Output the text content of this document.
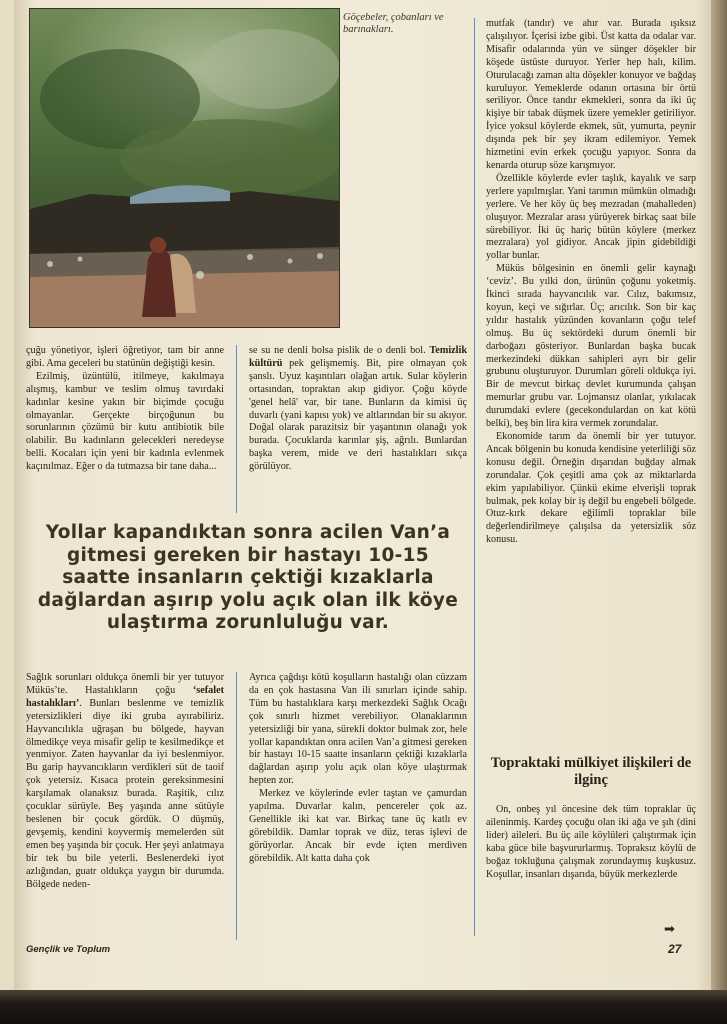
Göçebeler, çobanları ve barınakları.

çuğu yönetiyor, işleri öğretiyor, tam bir anne gibi. Ama geceleri bu statünün değiştiği kesin.

Ezilmiş, üzüntülü, itilmeye, kakılmaya alışmış, kambur ve teslim olmuş tavırdaki kadınlar kesine yakın bir biçimde çocuğu olmayanlar. Gerçekte birçoğunun bu sorunlarının çözümü bir kutu antibiotik bile olabilir. Bu kadınların gelecekleri neredeyse belli. Kocaları için yeni bir kadınla evlenmek kaçınılmaz. Eğer o da tutmazsa bir tane daha...

se su ne denli bolsa pislik de o denli bol. Temizlik kültürü pek gelişmemiş. Bit, pire olmayan çok şanslı. Uyuz kaşıntıları olağan artık. Sular köylerin ortasından, topraktan akıp gidiyor. Çoğu köyde 'genel helâ' var, bir tane. Bunların da kimisi üç duvarlı (yani kapısı yok) ve altlarından bir su akıyor. Doğal olarak parazitsiz bir yaşantının olanağı yok burada. Çocuklarda karınlar şiş, ağrılı. Bunlardan başka verem, mide ve deri hastalıkları sıkça görülüyor.

Yollar kapandıktan sonra acilen Van’a gitmesi gereken bir hastayı 10-15 saatte insanların çektiği kızaklarla dağlardan aşırıp yolu açık olan ilk köye ulaştırma zorunluluğu var.

Sağlık sorunları oldukça önemli bir yer tutuyor Müküs’te. Hastalıkların çoğu ‘sefalet hastalıkları’. Bunları beslenme ve temizlik yetersizlikleri diye iki gruba ayırabiliriz. Hayvancılıkla uğraşan bu bölgede, hayvan ölmedikçe veya misafir gelip te kesilmedikçe et yenmiyor. Zaten hayvanlar da iyi beslenmiyor. Bu garip hayvancıkların verdikleri süt de taoif çok yetersiz. Kısaca protein gereksinmesini karşılamak olanaksız burada. Raşitik, cılız çocuklar sürüyle. Beş yaşında anne sütüyle beslenen bir çocuk gördük. O düşmüş, gevşemiş, kendini koyvermiş memelerden süt emen beş yaşında bir çocuk. Her şeyi anlatmaya bir tek bu bile yeterli. Beslenerdeki iyot azlığından, guatr oldukça yaygın bir durumda. Bölgede neden-

Ayrıca çağdışı kötü koşulların hastalığı olan cüzzam da en çok hastasına Van ili sınırları içinde sahip. Tüm bu hastalıklara karşı merkezdeki Sağlık Ocağı çok sınırlı hizmet verebiliyor. Olanaklarının yetersizliği bir yana, sürekli doktor bulmak zor, hele yollar kapandıktan onra acilen Van’a gitmesi gereken bir hastayı 10-15 saatte insanların çektiği kızaklarla dağlardan aşırıp yolu açık olan köye ulaştırmak hepten zor.

Merkez ve köylerinde evler taştan ve çamurdan yapılma. Duvarlar kalın, pencereler çok az. Genellikle iki kat var. Birkaç tane üç katlı ev görebildik. Damlar toprak ve düz, teras işlevi de görüyorlar. Ancak bir evde içten merdiven görebildik. Alt katta daha çok

mutfak (tandır) ve ahır var. Burada ışıksız çalışılıyor. İçerisi izbe gibi. Üst katta da odalar var. Misafir odalarında yün ve sünger döşekler bir köşede üstüste duruyor. Yerler hep halı, kilim. Oturulacağı zaman alta döşekler konuyor ve bağdaş kuruluyor. Yemeklerde odanın ortasına bir örtü seriliyor. Önce tandır ekmekleri, sonra da iki üç kişiye bir tabak düşmek üzere yemekler getiriliyor. İyice yoksul köylerde ekmek, süt, yumurta, peynir dışında pek bir şey ikram edilemiyor. Yemek hizmetini evin erkek çocuğu yapıyor. Sonra da kenarda oturup söze karışmıyor.

Özellikle köylerde evler taşlık, kayalık ve sarp yerlere yapılmışlar. Yani tarımın mümkün olmadığı yerlere. Ve her köy üç beş mezradan (mahalleden) oluşuyor. Mezralar arası yürüyerek birkaç saat bile sürebiliyor. İki üç hariç bütün köylere (merkez mezralara) yol gidiyor. Ancak jipin gidebildiği yollar bunlar.

Müküs bölgesinin en önemli gelir kaynağı ‘ceviz’. Bu yılki don, ürünün çoğunu yoketmiş. İkinci sırada hayvancılık var. Cılız, bakımsız, koyun, keçi ve sığırlar. Üç; arıcılık. Son bir kaç yıldır hastalık yüzünden kovanların çoğu telef olmuş. Bu üç sektördeki durum önemli bir darboğazı gösteriyor. Bunlardan başka bucak merkezindeki dükkan sahipleri ayrı bir gelir grubunu oluşturuyor. Durumları göreli oldukça iyi. Bir de mevcut birkaç devlet kurumunda çalışan memurlar grubu var. Lojmansız olanlar, yıkılacak durumdaki evlere (gecekondulardan on kat kötü belki), beş bin lira kira vermek zorundalar.

Ekonomide tarım da önemli bir yer tutuyor. Ancak bölgenin bu konuda kendisine yeterliliği söz konusu değil. Örneğin dışarıdan buğday almak zorundalar. Çok çeşitli ama çok az miktarlarda ekim yapılabiliyor. Çünkü ekime elverişli toprak bulmak, pek kolay bir iş değil bu engebeli bölgede. Otuz-kırk dekare eğilimli topraklar bile değerlendirilmeye çalışılsa da yetersizlik söz konusu.

Topraktaki mülkiyet ilişkileri de ilginç

On, onbeş yıl öncesine dek tüm topraklar üç aileninmiş. Kardeş çocuğu olan iki ağa ve şıh (dini lider) aileleri. Bu üç aile köylüleri çalıştırmak için kaba güce bile başvururlarmış. Topraksız köylü de boğaz tokluğuna çalışmak zorundaymış kuşkusuz. Koşullar, insanları dışarıda, büyük merkezlerde

➡
Gençlik ve Toplum	27
